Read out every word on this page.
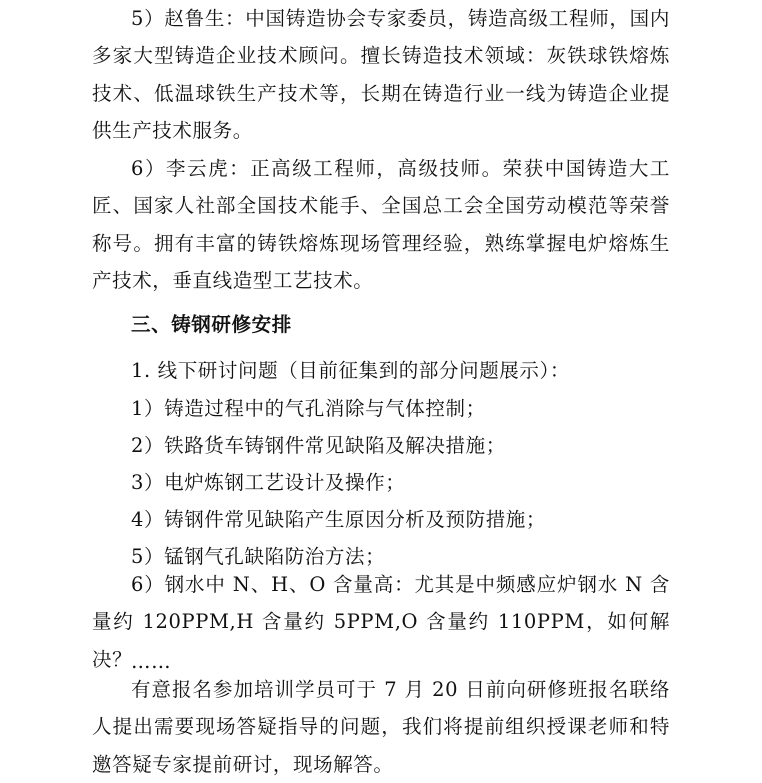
5）赵鲁生：中国铸造协会专家委员，铸造高级工程师，国内多家大型铸造企业技术顾问。擅长铸造技术领域：灰铁球铁熔炼技术、低温球铁生产技术等，长期在铸造行业一线为铸造企业提供生产技术服务。

6）李云虎：正高级工程师，高级技师。荣获中国铸造大工匠、国家人社部全国技术能手、全国总工会全国劳动模范等荣誉称号。拥有丰富的铸铁熔炼现场管理经验，熟练掌握电炉熔炼生产技术，垂直线造型工艺技术。

三、铸钢研修安排

1. 线下研讨问题（目前征集到的部分问题展示）：

1）铸造过程中的气孔消除与气体控制；

2）铁路货车铸钢件常见缺陷及解决措施；

3）电炉炼钢工艺设计及操作；

4）铸钢件常见缺陷产生原因分析及预防措施；

5）锰钢气孔缺陷防治方法；

6）钢水中 N、H、O 含量高：尤其是中频感应炉钢水 N 含量约 120PPM,H 含量约 5PPM,O 含量约 110PPM，如何解决？

……

有意报名参加培训学员可于 7 月 20 日前向研修班报名联络人提出需要现场答疑指导的问题，我们将提前组织授课老师和特邀答疑专家提前研讨，现场解答。
